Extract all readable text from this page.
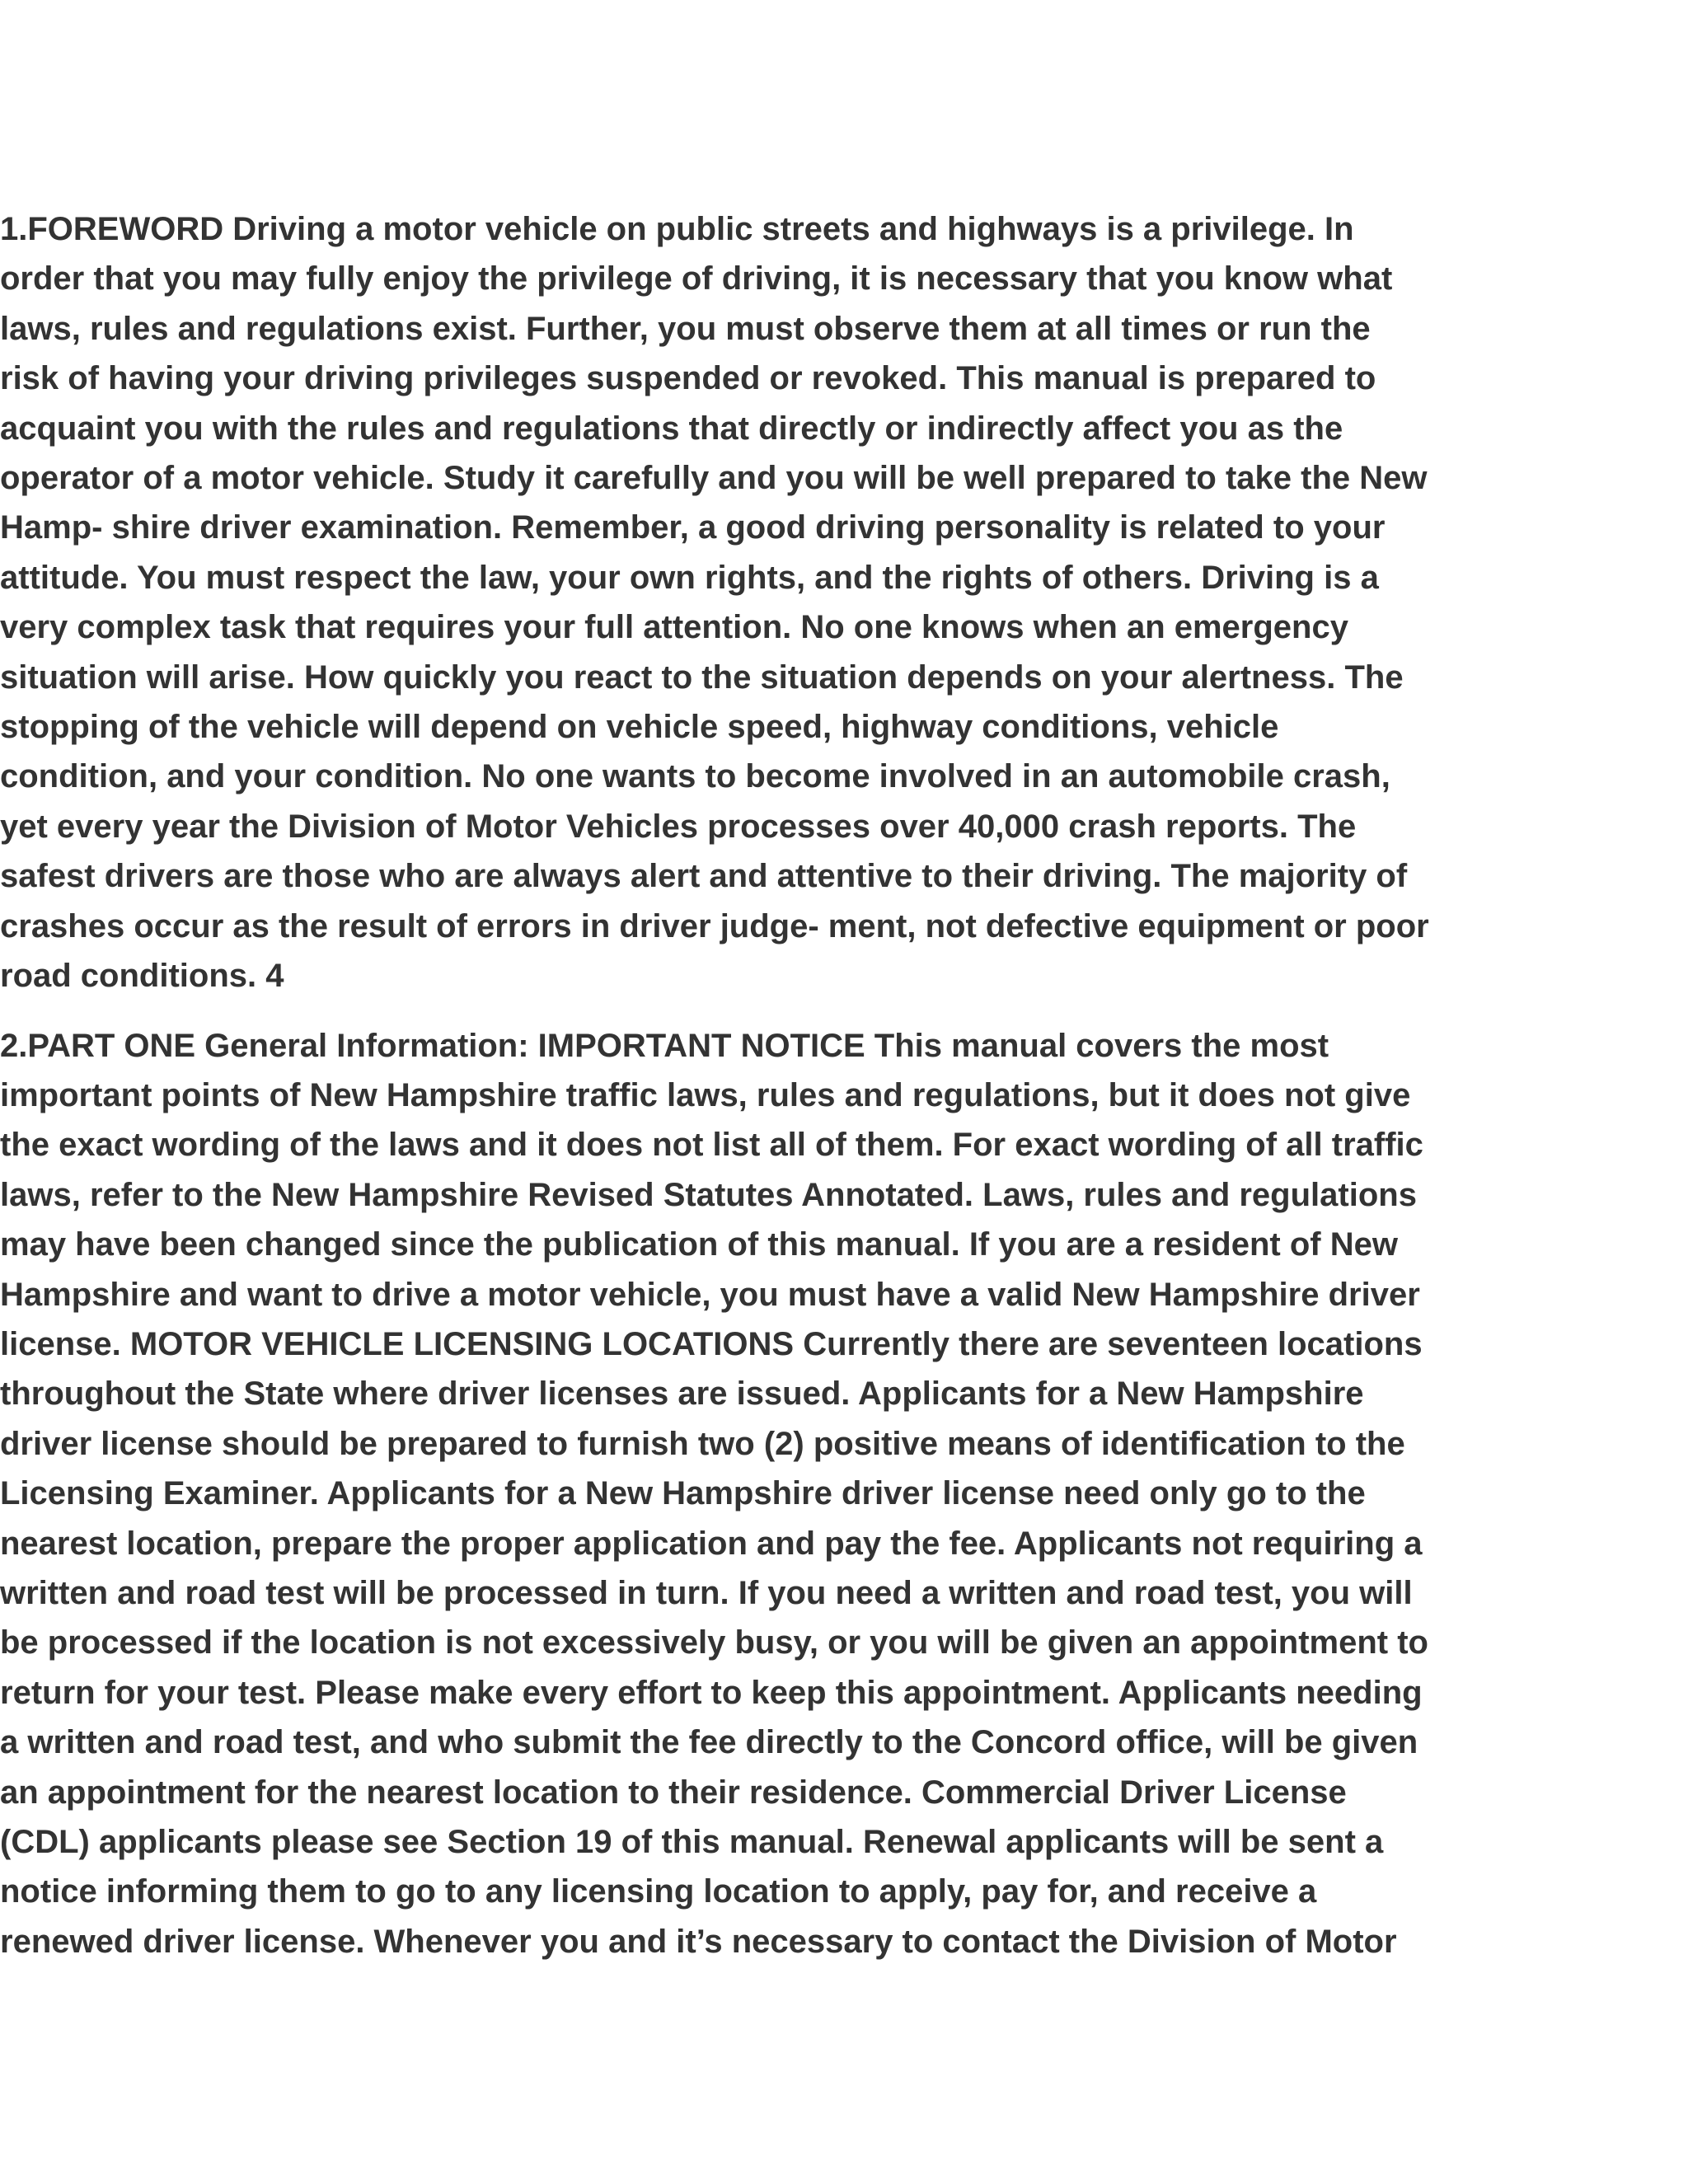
1.FOREWORD Driving a motor vehicle on public streets and highways is a privilege. In
order that you may fully enjoy the privilege of driving, it is necessary that you know what
laws, rules and regulations exist. Further, you must observe them at all times or run the
risk of having your driving privileges suspended or revoked. This manual is prepared to
acquaint you with the rules and regulations that directly or indirectly affect you as the
operator of a motor vehicle. Study it carefully and you will be well prepared to take the New
Hamp- shire driver examination. Remember, a good driving personality is related to your
attitude. You must respect the law, your own rights, and the rights of others. Driving is a
very complex task that requires your full attention. No one knows when an emergency
situation will arise. How quickly you react to the situation depends on your alertness. The
stopping of the vehicle will depend on vehicle speed, highway conditions, vehicle
condition, and your condition. No one wants to become involved in an automobile crash,
yet every year the Division of Motor Vehicles processes over 40,000 crash reports. The
safest drivers are those who are always alert and attentive to their driving. The majority of
crashes occur as the result of errors in driver judge- ment, not defective equipment or poor
road conditions. 4

2.PART ONE General Information: IMPORTANT NOTICE This manual covers the most
important points of New Hampshire traffic laws, rules and regulations, but it does not give
the exact wording of the laws and it does not list all of them. For exact wording of all traffic
laws, refer to the New Hampshire Revised Statutes Annotated. Laws, rules and regulations
may have been changed since the publication of this manual. If you are a resident of New
Hampshire and want to drive a motor vehicle, you must have a valid New Hampshire driver
license. MOTOR VEHICLE LICENSING LOCATIONS Currently there are seventeen locations
throughout the State where driver licenses are issued. Applicants for a New Hampshire
driver license should be prepared to furnish two (2) positive means of identification to the
Licensing Examiner. Applicants for a New Hampshire driver license need only go to the
nearest location, prepare the proper application and pay the fee. Applicants not requiring a
written and road test will be processed in turn. If you need a written and road test, you will
be processed if the location is not excessively busy, or you will be given an appointment to
return for your test. Please make every effort to keep this appointment. Applicants needing
a written and road test, and who submit the fee directly to the Concord office, will be given
an appointment for the nearest location to their residence. Commercial Driver License
(CDL) applicants please see Section 19 of this manual. Renewal applicants will be sent a
notice informing them to go to any licensing location to apply, pay for, and receive a
renewed driver license. Whenever you and it’s necessary to contact the Division of Motor
